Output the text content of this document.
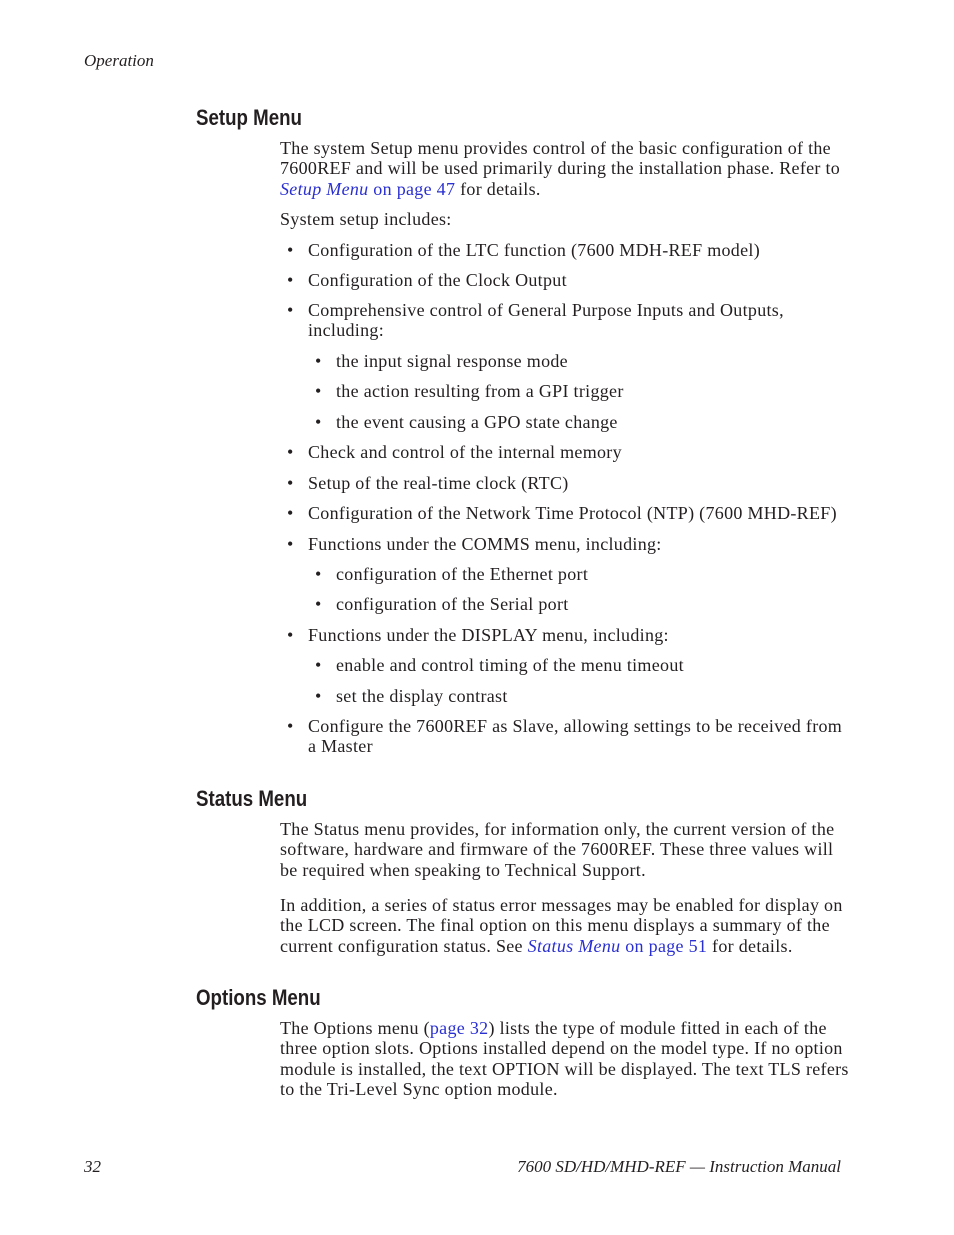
Operation
Setup Menu
The system Setup menu provides control of the basic configuration of the
7600REF and will be used primarily during the installation phase. Refer to
Setup Menu on page 47 for details.
System setup includes:
• Configuration of the LTC function (7600 MDH-REF model)
• Configuration of the Clock Output
• Comprehensive control of General Purpose Inputs and Outputs,
including:
• the input signal response mode
• the action resulting from a GPI trigger
• the event causing a GPO state change
• Check and control of the internal memory
• Setup of the real-time clock (RTC)
• Configuration of the Network Time Protocol (NTP) (7600 MHD-REF)
• Functions under the COMMS menu, including:
• configuration of the Ethernet port
• configuration of the Serial port
• Functions under the DISPLAY menu, including:
• enable and control timing of the menu timeout
• set the display contrast
• Configure the 7600REF as Slave, allowing settings to be received from
a Master
Status Menu
The Status menu provides, for information only, the current version of the
software, hardware and firmware of the 7600REF. These three values will
be required when speaking to Technical Support.
In addition, a series of status error messages may be enabled for display on
the LCD screen. The final option on this menu displays a summary of the
current configuration status. See Status Menu on page 51 for details.
Options Menu
The Options menu (page 32) lists the type of module fitted in each of the
three option slots. Options installed depend on the model type. If no option
module is installed, the text OPTION will be displayed. The text TLS refers
to the Tri-Level Sync option module.
32	7600 SD/HD/MHD-REF — Instruction Manual
